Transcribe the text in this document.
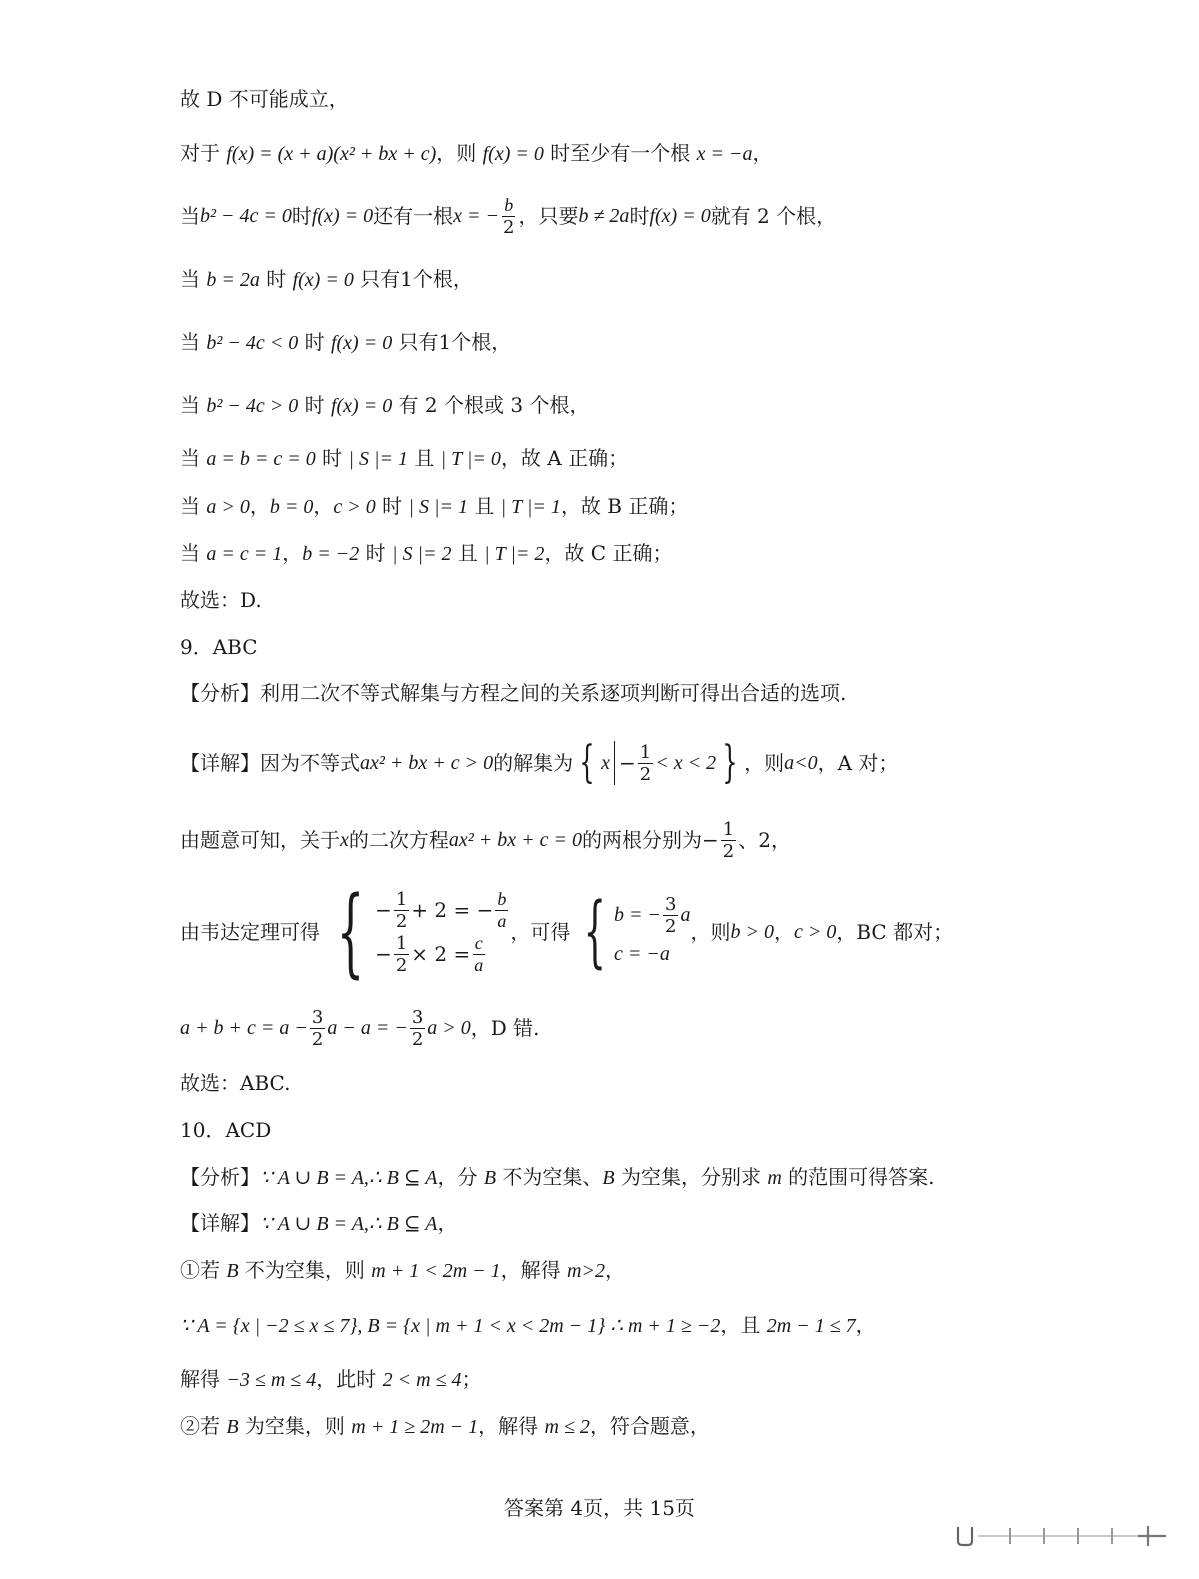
故 D 不可能成立，
对于 f(x) = (x + a)(x² + bx + c)，则 f(x) = 0 时至少有一个根 x = −a，
当 b² − 4c = 0 时 f(x) = 0 还有一根 x = − $\frac{b}{2}$ ，只要 b ≠ 2a 时 f(x) = 0 就有 2 个根，
当 b = 2a 时 f(x) = 0 只有1个根，
当 b² − 4c < 0 时 f(x) = 0 只有1个根，
当 b² − 4c > 0 时 f(x) = 0 有 2 个根或 3 个根，
当 a = b = c = 0 时 | S |= 1 且 | T |= 0，故 A 正确；
当 a > 0，b = 0，c > 0 时 | S |= 1 且 | T |= 1，故 B 正确；
当 a = c = 1，b = −2 时 | S |= 2 且 | T |= 2，故 C 正确；
故选：D.
9．ABC
【分析】利用二次不等式解集与方程之间的关系逐项判断可得出合适的选项.
【详解】因为不等式 ax² + bx + c > 0 的解集为 { $x - \frac{1}{2} < x < 2$ } ，则 a<0 ，A 对；
由题意可知，关于 x 的二次方程 ax² + bx + c = 0 的两根分别为 − $\frac{1}{2}$ 、2，
由韦达定理可得 { − $\frac{1}{2} + 2$ = − $\frac{b}{a}$
− $\frac{1}{2} \times 2 = \frac{c}{a}$
，可得 { b = − $\frac{3}{2}$ a
c = −a
，则 b > 0 ， c > 0 ，BC 都对；
$a + b + c = a - \frac{3}{2}$ a − a = − $\frac{3}{2}$ a > 0 ，D 错.
故选：ABC.
10．ACD
【分析】∵ A ∪ B = A,∴ B ⊆ A，分 B 不为空集、B 为空集，分别求 m 的范围可得答案.
【详解】∵ A ∪ B = A,∴ B ⊆ A，
①若 B 不为空集，则 m + 1 < 2m − 1，解得 m>2，
∵ A = {x | −2 ≤ x ≤ 7}, B = {x | m + 1 < x < 2m − 1} ∴ m + 1 ≥ −2，且 2m − 1 ≤ 7，
解得 −3 ≤ m ≤ 4，此时 2 < m ≤ 4；
②若 B 为空集，则 m + 1 ≥ 2m − 1，解得 m ≤ 2，符合题意，
答案第 4页，共 15页
